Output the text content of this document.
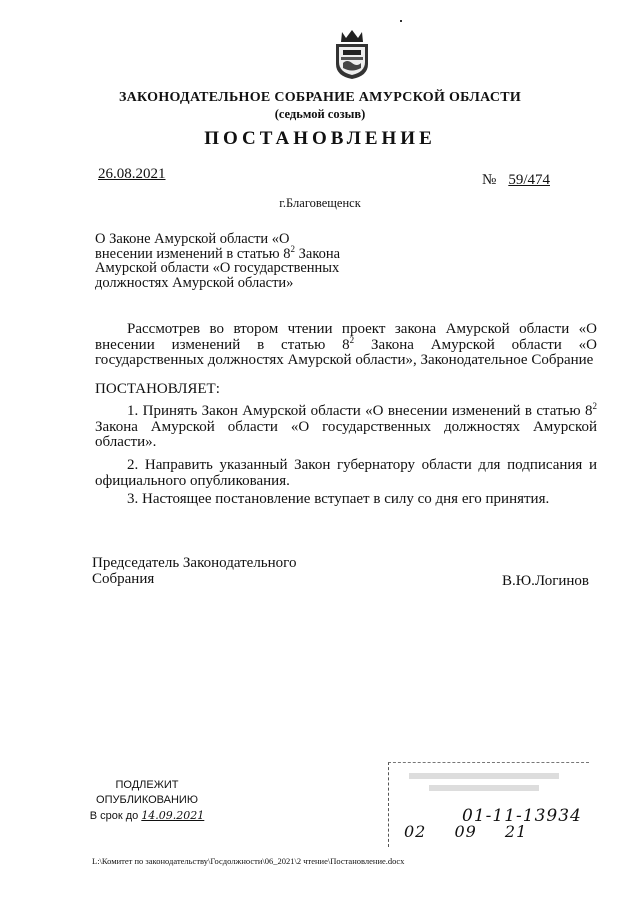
ЗАКОНОДАТЕЛЬНОЕ СОБРАНИЕ АМУРСКОЙ ОБЛАСТИ
(седьмой созыв)
ПОСТАНОВЛЕНИЕ
26.08.2021	№ 59/474
г.Благовещенск
О Законе Амурской области «О
внесении изменений в статью $8^2$ Закона
Амурской области «О государственных
должностях Амурской области»
Рассмотрев во втором чтении проект закона Амурской области «О внесении изменений в статью $8^2$ Закона Амурской области «О государственных должностях Амурской области», Законодательное Собрание
ПОСТАНОВЛЯЕТ:
1. Принять Закон Амурской области «О внесении изменений в статью $8^2$ Закона Амурской области «О государственных должностях Амурской области».
2. Направить указанный Закон губернатору области для подписания и официального опубликования.
3. Настоящее постановление вступает в силу со дня его принятия.
Председатель Законодательного
Собрания	В.Ю.Логинов
ПОДЛЕЖИТ
ОПУБЛИКОВАНИЮ
В срок до 14.09.2021	01-11-13934
02 09 21
L:\Комитет по законодательству\Госдолжности\06_2021\2 чтение\Постановление.docx
